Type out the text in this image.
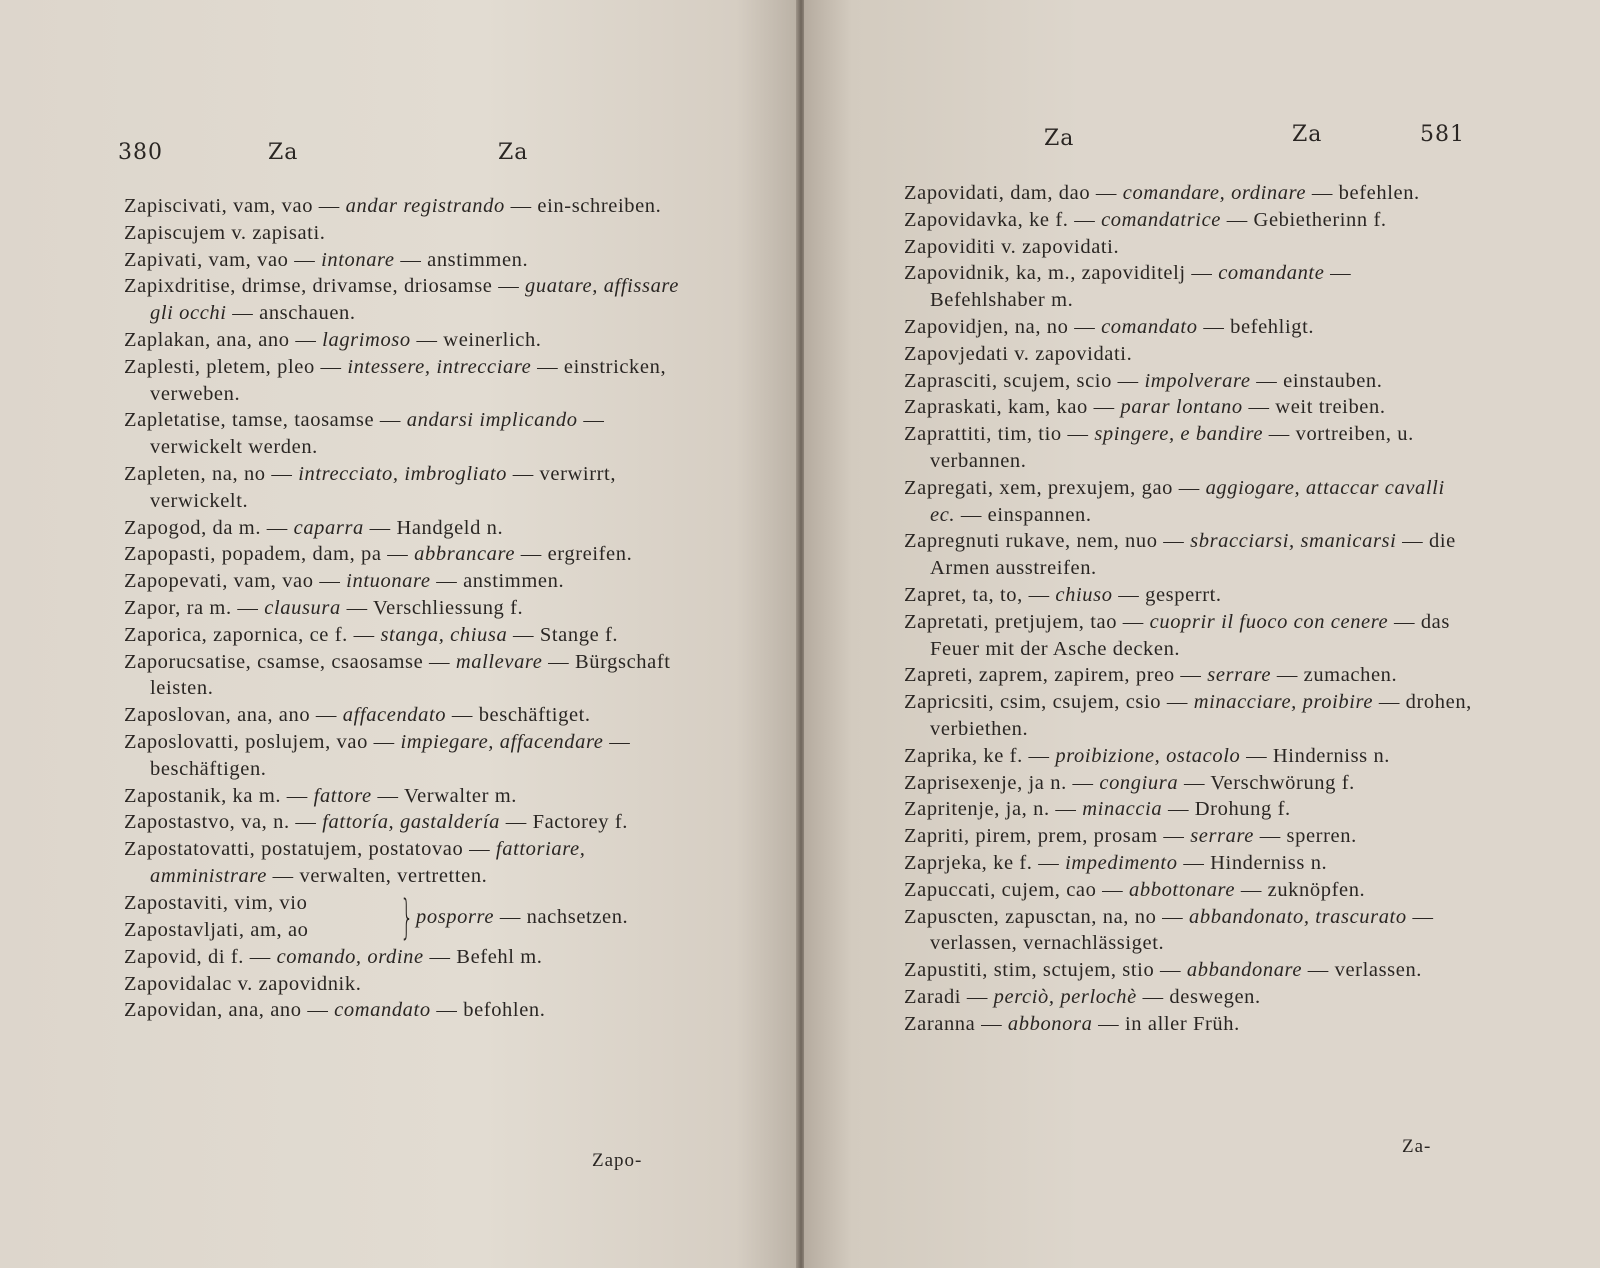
380	Za	Za
Zapiscivati, vam, vao — andar registrando — ein-schreiben.
Zapiscujem v. zapisati.
Zapivati, vam, vao — intonare — anstimmen.
Zapixdritise, drimse, drivamse, driosamse — guatare, affissare gli occhi — anschauen.
Zaplakan, ana, ano — lagrimoso — weinerlich.
Zaplesti, pletem, pleo — intessere, intrecciare — einstricken, verweben.
Zapletatise, tamse, taosamse — andarsi implicando — verwickelt werden.
Zapleten, na, no — intrecciato, imbrogliato — verwirrt, verwickelt.
Zapogod, da m. — caparra — Handgeld n.
Zapopasti, popadem, dam, pa — abbrancare — ergreifen.
Zapopevati, vam, vao — intuonare — anstimmen.
Zapor, ra m. — clausura — Verschliessung f.
Zaporica, zapornica, ce f. — stanga, chiusa — Stange f.
Zaporucsatise, csamse, csaosamse — mallevare — Bürgschaft leisten.
Zaposlovan, ana, ano — affacendato — beschäftiget.
Zaposlovatti, poslujem, vao — impiegare, affacendare — beschäftigen.
Zapostanik, ka m. — fattore — Verwalter m.
Zapostastvo, va, n. — fattoría, gastaldería — Factorey f.
Zapostatovatti, postatujem, postatovao — fattoriare, amministrare — verwalten, vertretten.
Zapostaviti, vim, vio
Zapostavljati, am, ao } posporre — nachsetzen.
Zapovid, di f. — comando, ordine — Befehl m.
Zapovidalac v. zapovidnik.
Zapovidan, ana, ano — comandato — befohlen.
Zapo-
Za	Za	581
Zapovidati, dam, dao — comandare, ordinare — befehlen.
Zapovidavka, ke f. — comandatrice — Gebietherinn f.
Zapoviditi v. zapovidati.
Zapovidnik, ka, m., zapoviditelj — comandante — Befehlshaber m.
Zapovidjen, na, no — comandato — befehligt.
Zapovjedati v. zapovidati.
Zaprasciti, scujem, scio — impolverare — einstauben.
Zapraskati, kam, kao — parar lontano — weit treiben.
Zaprattiti, tim, tio — spingere, e bandire — vortreiben, u. verbannen.
Zapregati, xem, prexujem, gao — aggiogare, attaccar cavalli ec. — einspannen.
Zapregnuti rukave, nem, nuo — sbracciarsi, smanicarsi — die Armen ausstreifen.
Zapret, ta, to, — chiuso — gesperrt.
Zapretati, pretjujem, tao — cuoprir il fuoco con cenere — das Feuer mit der Asche decken.
Zapreti, zaprem, zapirem, preo — serrare — zumachen.
Zapricsiti, csim, csujem, csio — minacciare, proibire — drohen, verbiethen.
Zaprika, ke f. — proibizione, ostacolo — Hinderniss n.
Zaprisexenje, ja n. — congiura — Verschwörung f.
Zapritenje, ja, n. — minaccia — Drohung f.
Zapriti, pirem, prem, prosam — serrare — sperren.
Zaprjeka, ke f. — impedimento — Hinderniss n.
Zapuccati, cujem, cao — abbottonare — zuknöpfen.
Zapuscten, zapusctan, na, no — abbandonato, trascurato — verlassen, vernachlässiget.
Zapustiti, stim, sctujem, stio — abbandonare — verlassen.
Zaradi — perciò, perlochè — deswegen.
Zaranna — abbonora — in aller Früh.
Za-
